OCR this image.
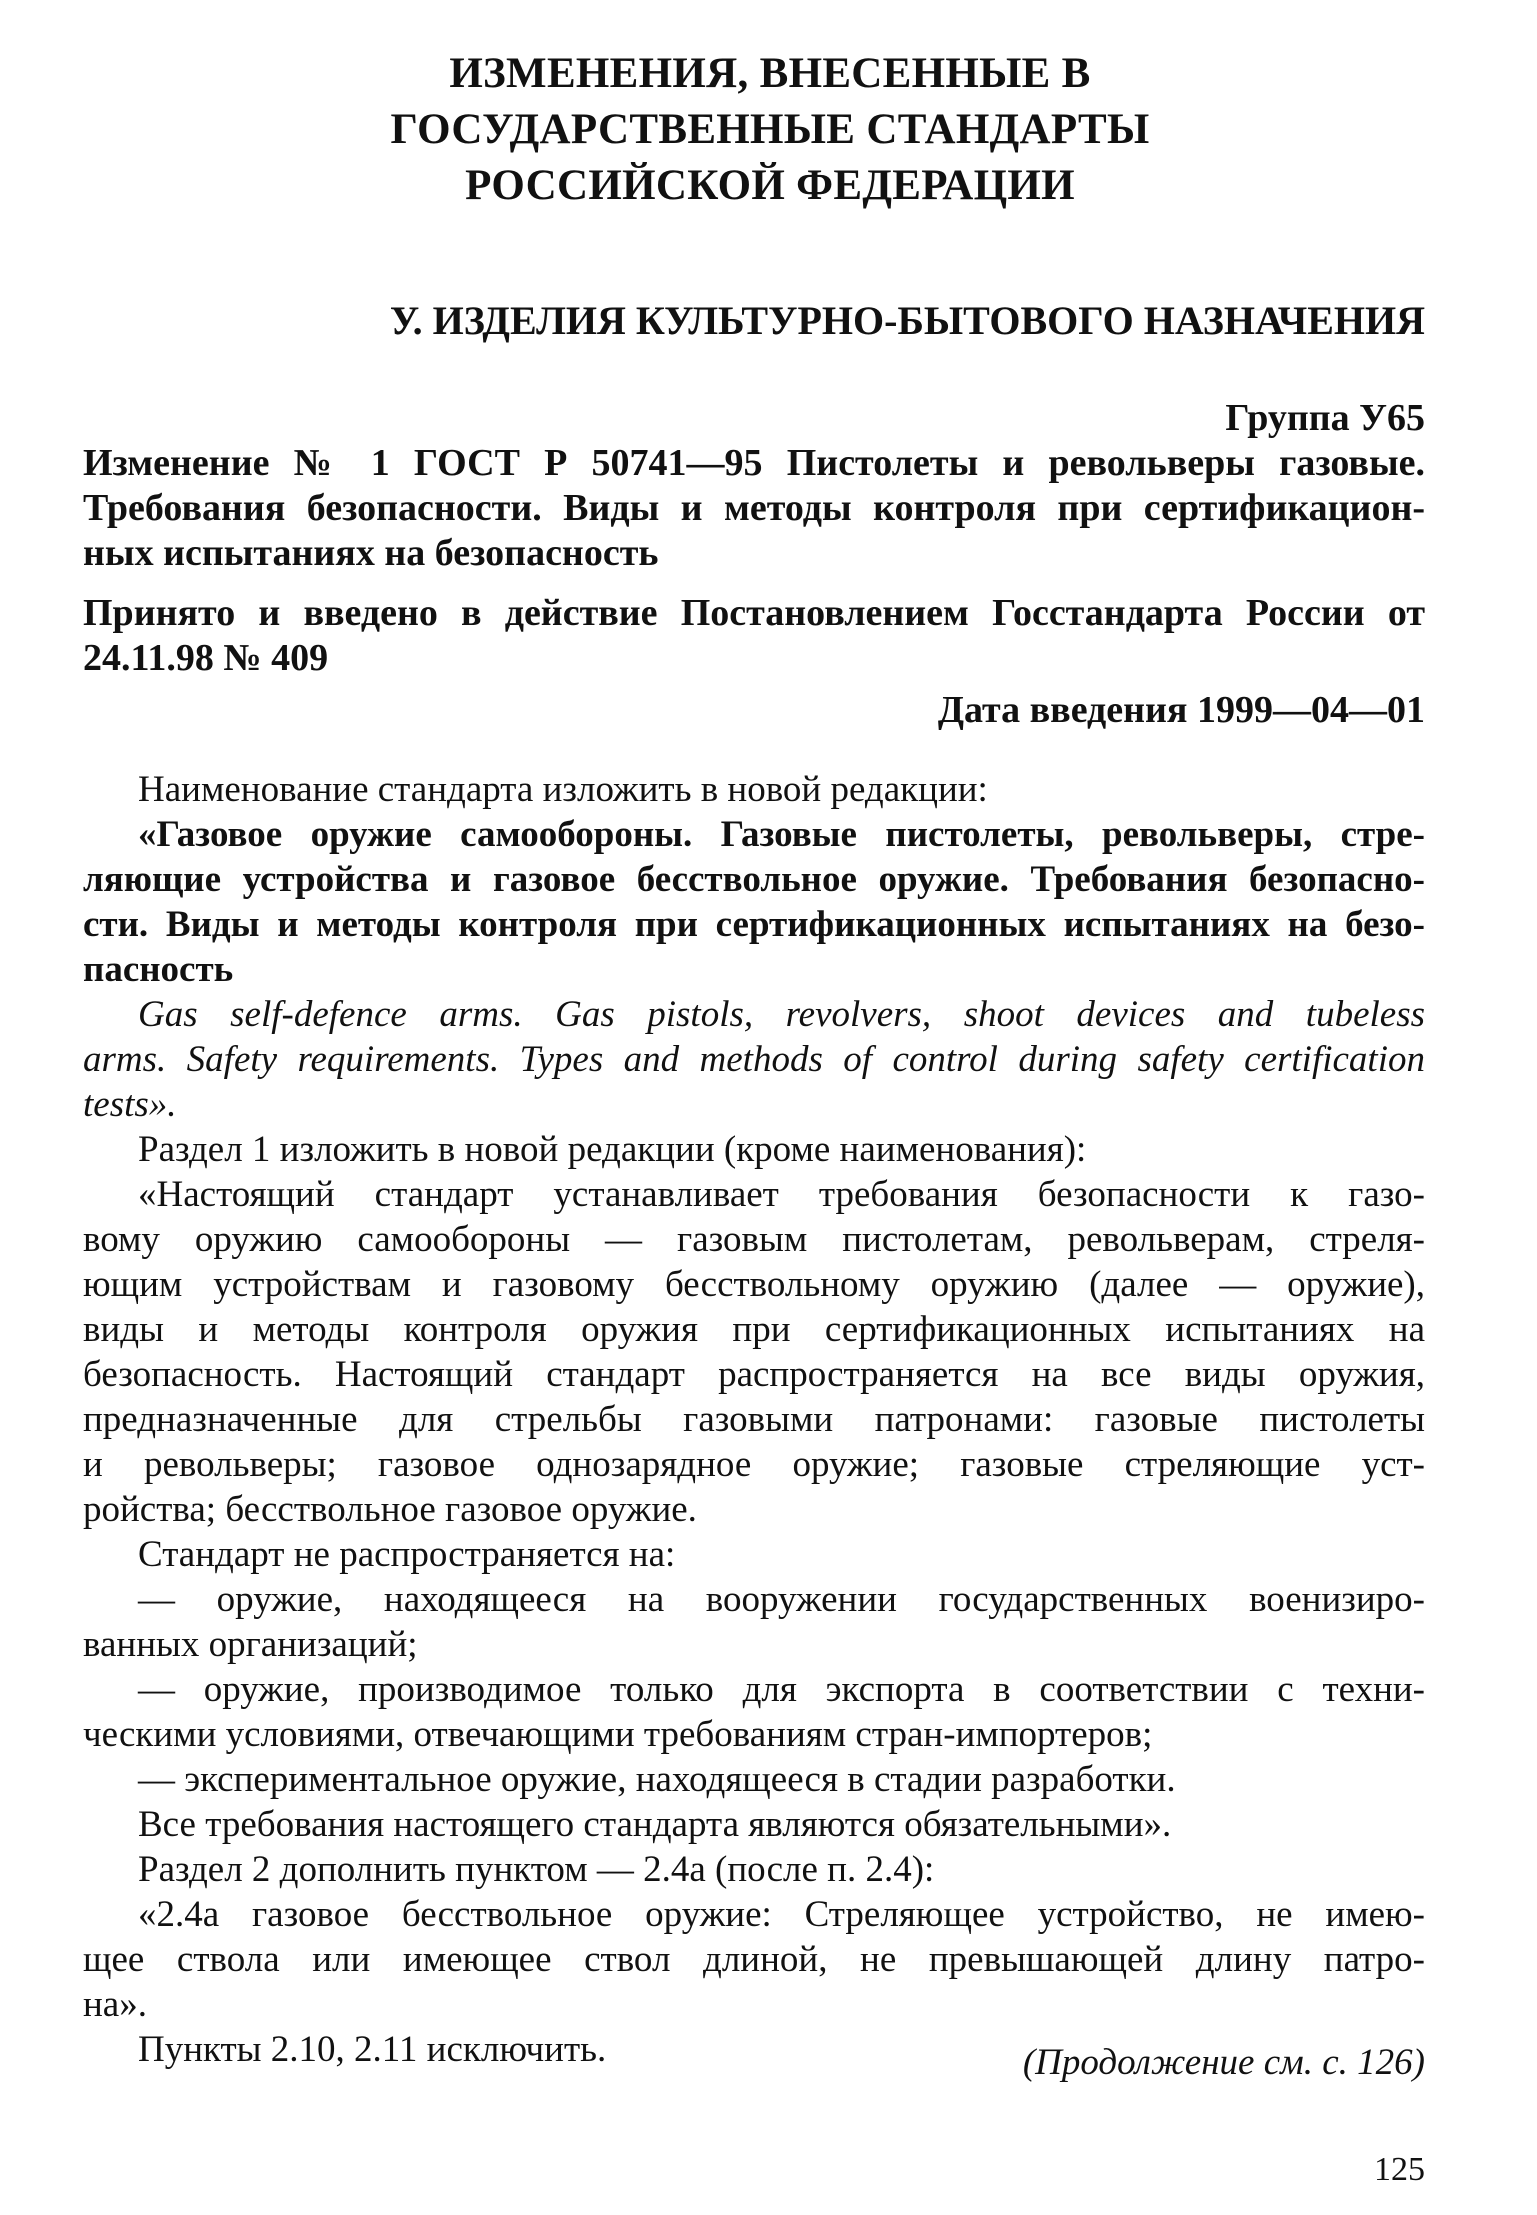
ИЗМЕНЕНИЯ, ВНЕСЕННЫЕ В
ГОСУДАРСТВЕННЫЕ СТАНДАРТЫ
РОССИЙСКОЙ ФЕДЕРАЦИИ
У. ИЗДЕЛИЯ КУЛЬТУРНО-БЫТОВОГО НАЗНАЧЕНИЯ
Группа У65
Изменение № 1 ГОСТ Р 50741—95 Пистолеты и револьверы газовые.
Требования безопасности. Виды и методы контроля при сертификацион-
ных испытаниях на безопасность
Принято и введено в действие Постановлением Госстандарта России от
24.11.98 № 409
Дата введения 1999—04—01
Наименование стандарта изложить в новой редакции:
«Газовое оружие самообороны. Газовые пистолеты, револьверы, стре-
ляющие устройства и газовое бесствольное оружие. Требования безопасно-
сти. Виды и методы контроля при сертификационных испытаниях на безо-
пасность
Gas self-defence arms. Gas pistols, revolvers, shoot devices and tubeless
arms. Safety requirements. Types and methods of control during safety certification
tests».
Раздел 1 изложить в новой редакции (кроме наименования):
«Настоящий стандарт устанавливает требования безопасности к газо-
вому оружию самообороны — газовым пистолетам, револьверам, стреля-
ющим устройствам и газовому бесствольному оружию (далее — оружие),
виды и методы контроля оружия при сертификационных испытаниях на
безопасность. Настоящий стандарт распространяется на все виды оружия,
предназначенные для стрельбы газовыми патронами: газовые пистолеты
и револьверы; газовое однозарядное оружие; газовые стреляющие уст-
ройства; бесствольное газовое оружие.
Стандарт не распространяется на:
— оружие, находящееся на вооружении государственных военизиро-
ванных организаций;
— оружие, производимое только для экспорта в соответствии с техни-
ческими условиями, отвечающими требованиям стран-импортеров;
— экспериментальное оружие, находящееся в стадии разработки.
Все требования настоящего стандарта являются обязательными».
Раздел 2 дополнить пунктом — 2.4а (после п. 2.4):
«2.4а газовое бесствольное оружие: Стреляющее устройство, не имею-
щее ствола или имеющее ствол длиной, не превышающей длину патро-
на».
Пункты 2.10, 2.11 исключить.	(Продолжение см. с. 126)
125
